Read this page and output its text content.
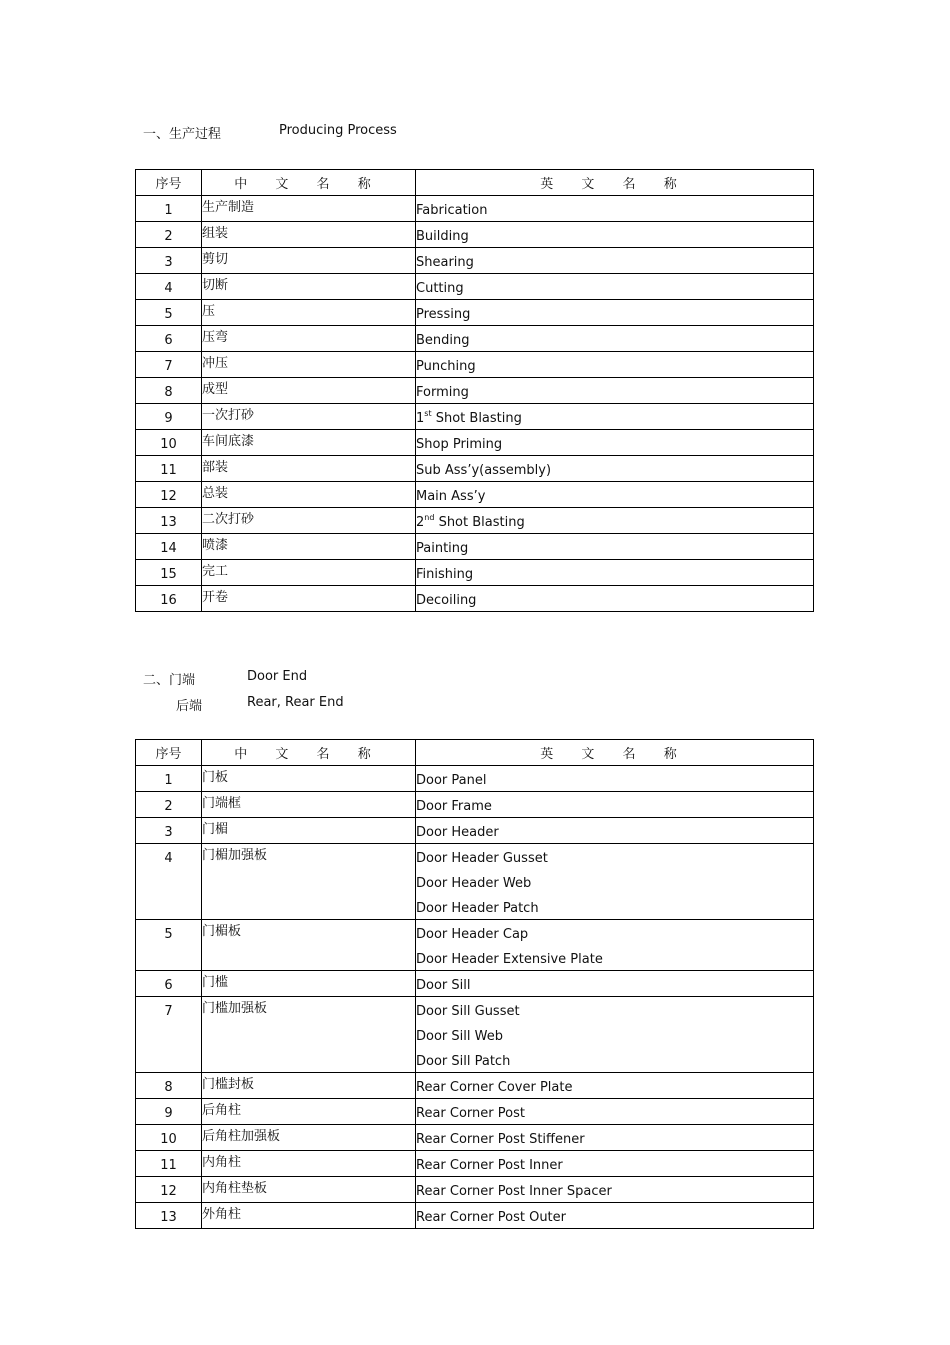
一、生产过程	Producing Process
序号	中 文 名 称	英 文 名 称

1	生产制造	Fabrication

2	组装	Building

3	剪切	Shearing

4	切断	Cutting

5	压	Pressing

6	压弯	Bending

7	冲压	Punching

8	成型	Forming

9	一次打砂	1st Shot Blasting

10	车间底漆	Shop Priming

11	部装	Sub Ass’y(assembly)

12	总装	Main Ass’y

13	二次打砂	2nd Shot Blasting

14	喷漆	Painting

15	完工	Finishing

16	开卷	Decoiling
二、门端	Door End
后端	Rear, Rear End
序号	中 文 名 称	英 文 名 称

1	门板	Door Panel

2	门端框	Door Frame

3	门楣	Door Header

4	门楣加强板	Door Header Gusset
Door Header Web
Door Header Patch

5	门楣板	Door Header Cap
Door Header Extensive Plate

6	门槛	Door Sill

7	门槛加强板	Door Sill Gusset
Door Sill Web
Door Sill Patch

8	门槛封板	Rear Corner Cover Plate

9	后角柱	Rear Corner Post

10	后角柱加强板	Rear Corner Post Stiffener

11	内角柱	Rear Corner Post Inner

12	内角柱垫板	Rear Corner Post Inner Spacer

13	外角柱	Rear Corner Post Outer
